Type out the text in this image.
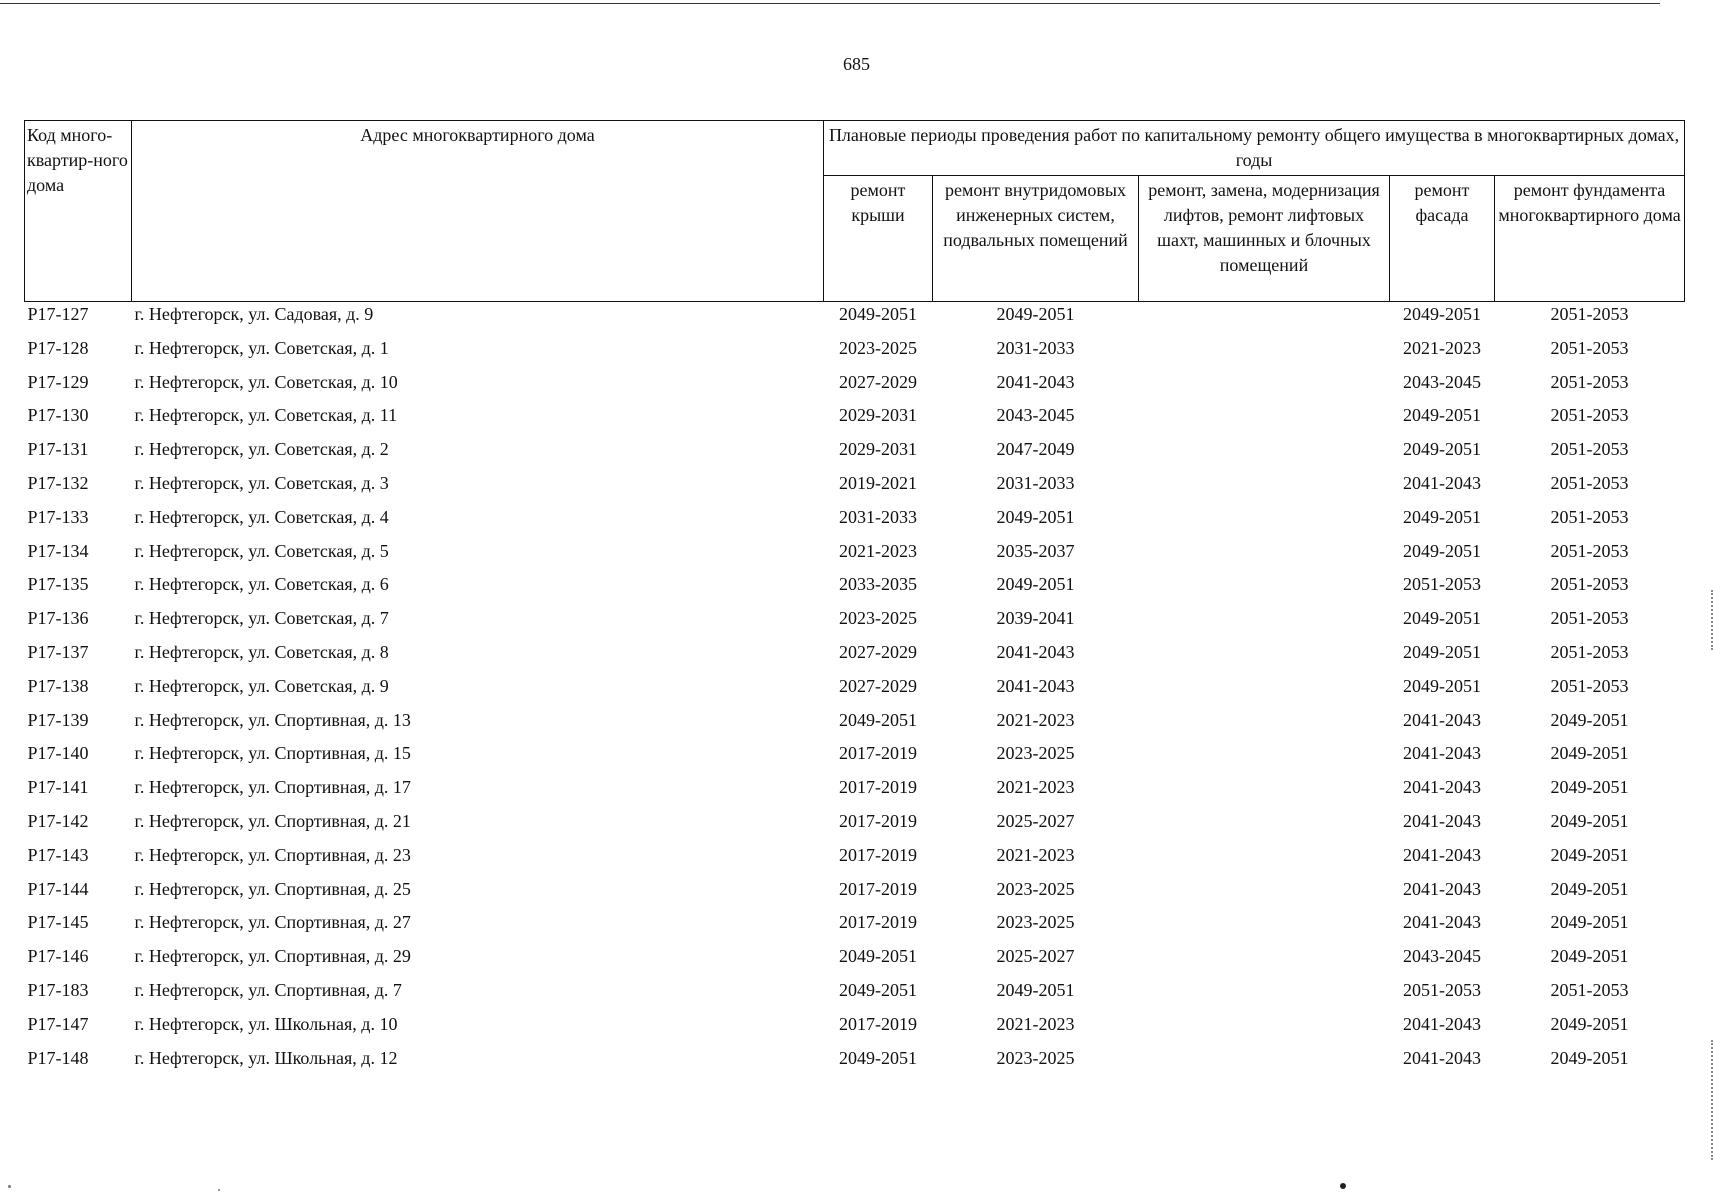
685
Код много-квартир-ного дома	Адрес многоквартирного дома	Плановые периоды проведения работ по капитальному ремонту общего имущества в многоквартирных домах, годы				
		ремонт крыши	ремонт внутридомовых инженерных систем, подвальных помещений	ремонт, замена, модернизация лифтов, ремонт лифтовых шахт, машинных и блочных помещений	ремонт фасада	ремонт фундамента многоквартирного дома
P17-127	г. Нефтегорск, ул. Садовая, д. 9	2049-2051	2049-2051		2049-2051	2051-2053
P17-128	г. Нефтегорск, ул. Советская, д. 1	2023-2025	2031-2033		2021-2023	2051-2053
P17-129	г. Нефтегорск, ул. Советская, д. 10	2027-2029	2041-2043		2043-2045	2051-2053
P17-130	г. Нефтегорск, ул. Советская, д. 11	2029-2031	2043-2045		2049-2051	2051-2053
P17-131	г. Нефтегорск, ул. Советская, д. 2	2029-2031	2047-2049		2049-2051	2051-2053
P17-132	г. Нефтегорск, ул. Советская, д. 3	2019-2021	2031-2033		2041-2043	2051-2053
P17-133	г. Нефтегорск, ул. Советская, д. 4	2031-2033	2049-2051		2049-2051	2051-2053
P17-134	г. Нефтегорск, ул. Советская, д. 5	2021-2023	2035-2037		2049-2051	2051-2053
P17-135	г. Нефтегорск, ул. Советская, д. 6	2033-2035	2049-2051		2051-2053	2051-2053
P17-136	г. Нефтегорск, ул. Советская, д. 7	2023-2025	2039-2041		2049-2051	2051-2053
P17-137	г. Нефтегорск, ул. Советская, д. 8	2027-2029	2041-2043		2049-2051	2051-2053
P17-138	г. Нефтегорск, ул. Советская, д. 9	2027-2029	2041-2043		2049-2051	2051-2053
P17-139	г. Нефтегорск, ул. Спортивная, д. 13	2049-2051	2021-2023		2041-2043	2049-2051
P17-140	г. Нефтегорск, ул. Спортивная, д. 15	2017-2019	2023-2025		2041-2043	2049-2051
P17-141	г. Нефтегорск, ул. Спортивная, д. 17	2017-2019	2021-2023		2041-2043	2049-2051
P17-142	г. Нефтегорск, ул. Спортивная, д. 21	2017-2019	2025-2027		2041-2043	2049-2051
P17-143	г. Нефтегорск, ул. Спортивная, д. 23	2017-2019	2021-2023		2041-2043	2049-2051
P17-144	г. Нефтегорск, ул. Спортивная, д. 25	2017-2019	2023-2025		2041-2043	2049-2051
P17-145	г. Нефтегорск, ул. Спортивная, д. 27	2017-2019	2023-2025		2041-2043	2049-2051
P17-146	г. Нефтегорск, ул. Спортивная, д. 29	2049-2051	2025-2027		2043-2045	2049-2051
P17-183	г. Нефтегорск, ул. Спортивная, д. 7	2049-2051	2049-2051		2051-2053	2051-2053
P17-147	г. Нефтегорск, ул. Школьная, д. 10	2017-2019	2021-2023		2041-2043	2049-2051
P17-148	г. Нефтегорск, ул. Школьная, д. 12	2049-2051	2023-2025		2041-2043	2049-2051
